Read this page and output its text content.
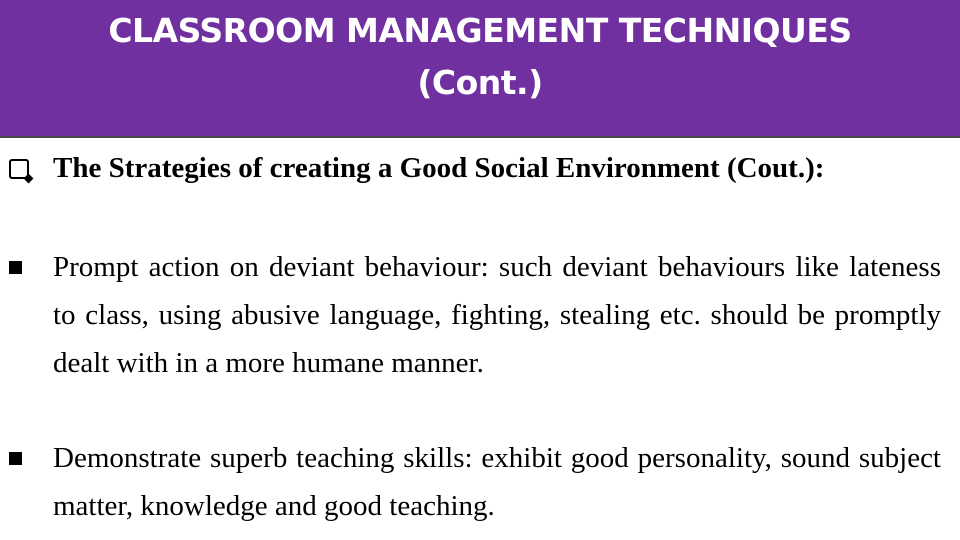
CLASSROOM MANAGEMENT TECHNIQUES
(Cont.)
The Strategies of creating a Good Social Environment (Cout.):
Prompt action on deviant behaviour: such deviant behaviours like lateness to class, using abusive language, fighting, stealing etc. should be promptly dealt with in a more humane manner.
Demonstrate superb teaching skills: exhibit good personality, sound subject matter, knowledge and good teaching.
